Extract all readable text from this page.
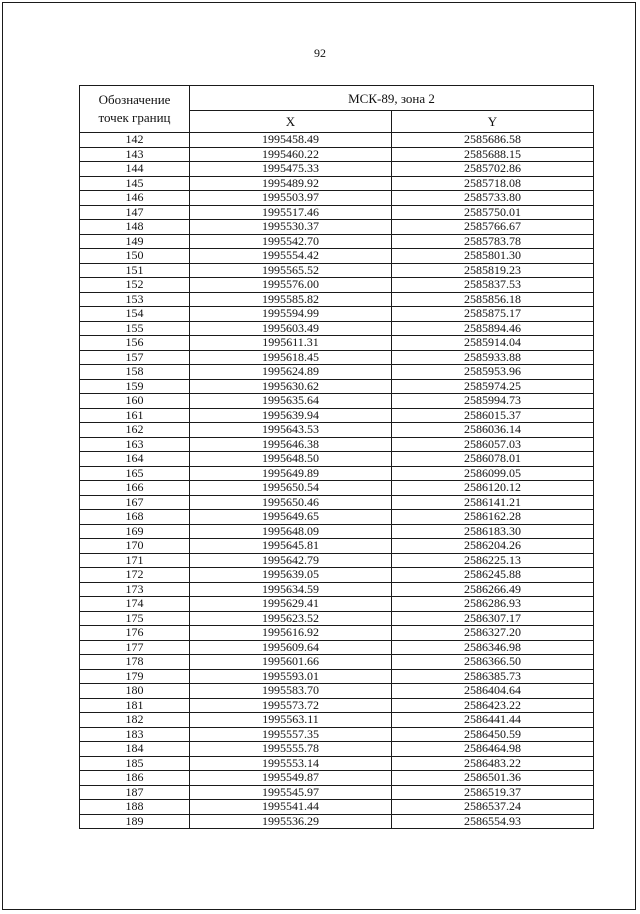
92
Обозначение точек границ	МСК-89, зона 2	
	X	Y
142	1995458.49	2585686.58
143	1995460.22	2585688.15
144	1995475.33	2585702.86
145	1995489.92	2585718.08
146	1995503.97	2585733.80
147	1995517.46	2585750.01
148	1995530.37	2585766.67
149	1995542.70	2585783.78
150	1995554.42	2585801.30
151	1995565.52	2585819.23
152	1995576.00	2585837.53
153	1995585.82	2585856.18
154	1995594.99	2585875.17
155	1995603.49	2585894.46
156	1995611.31	2585914.04
157	1995618.45	2585933.88
158	1995624.89	2585953.96
159	1995630.62	2585974.25
160	1995635.64	2585994.73
161	1995639.94	2586015.37
162	1995643.53	2586036.14
163	1995646.38	2586057.03
164	1995648.50	2586078.01
165	1995649.89	2586099.05
166	1995650.54	2586120.12
167	1995650.46	2586141.21
168	1995649.65	2586162.28
169	1995648.09	2586183.30
170	1995645.81	2586204.26
171	1995642.79	2586225.13
172	1995639.05	2586245.88
173	1995634.59	2586266.49
174	1995629.41	2586286.93
175	1995623.52	2586307.17
176	1995616.92	2586327.20
177	1995609.64	2586346.98
178	1995601.66	2586366.50
179	1995593.01	2586385.73
180	1995583.70	2586404.64
181	1995573.72	2586423.22
182	1995563.11	2586441.44
183	1995557.35	2586450.59
184	1995555.78	2586464.98
185	1995553.14	2586483.22
186	1995549.87	2586501.36
187	1995545.97	2586519.37
188	1995541.44	2586537.24
189	1995536.29	2586554.93
